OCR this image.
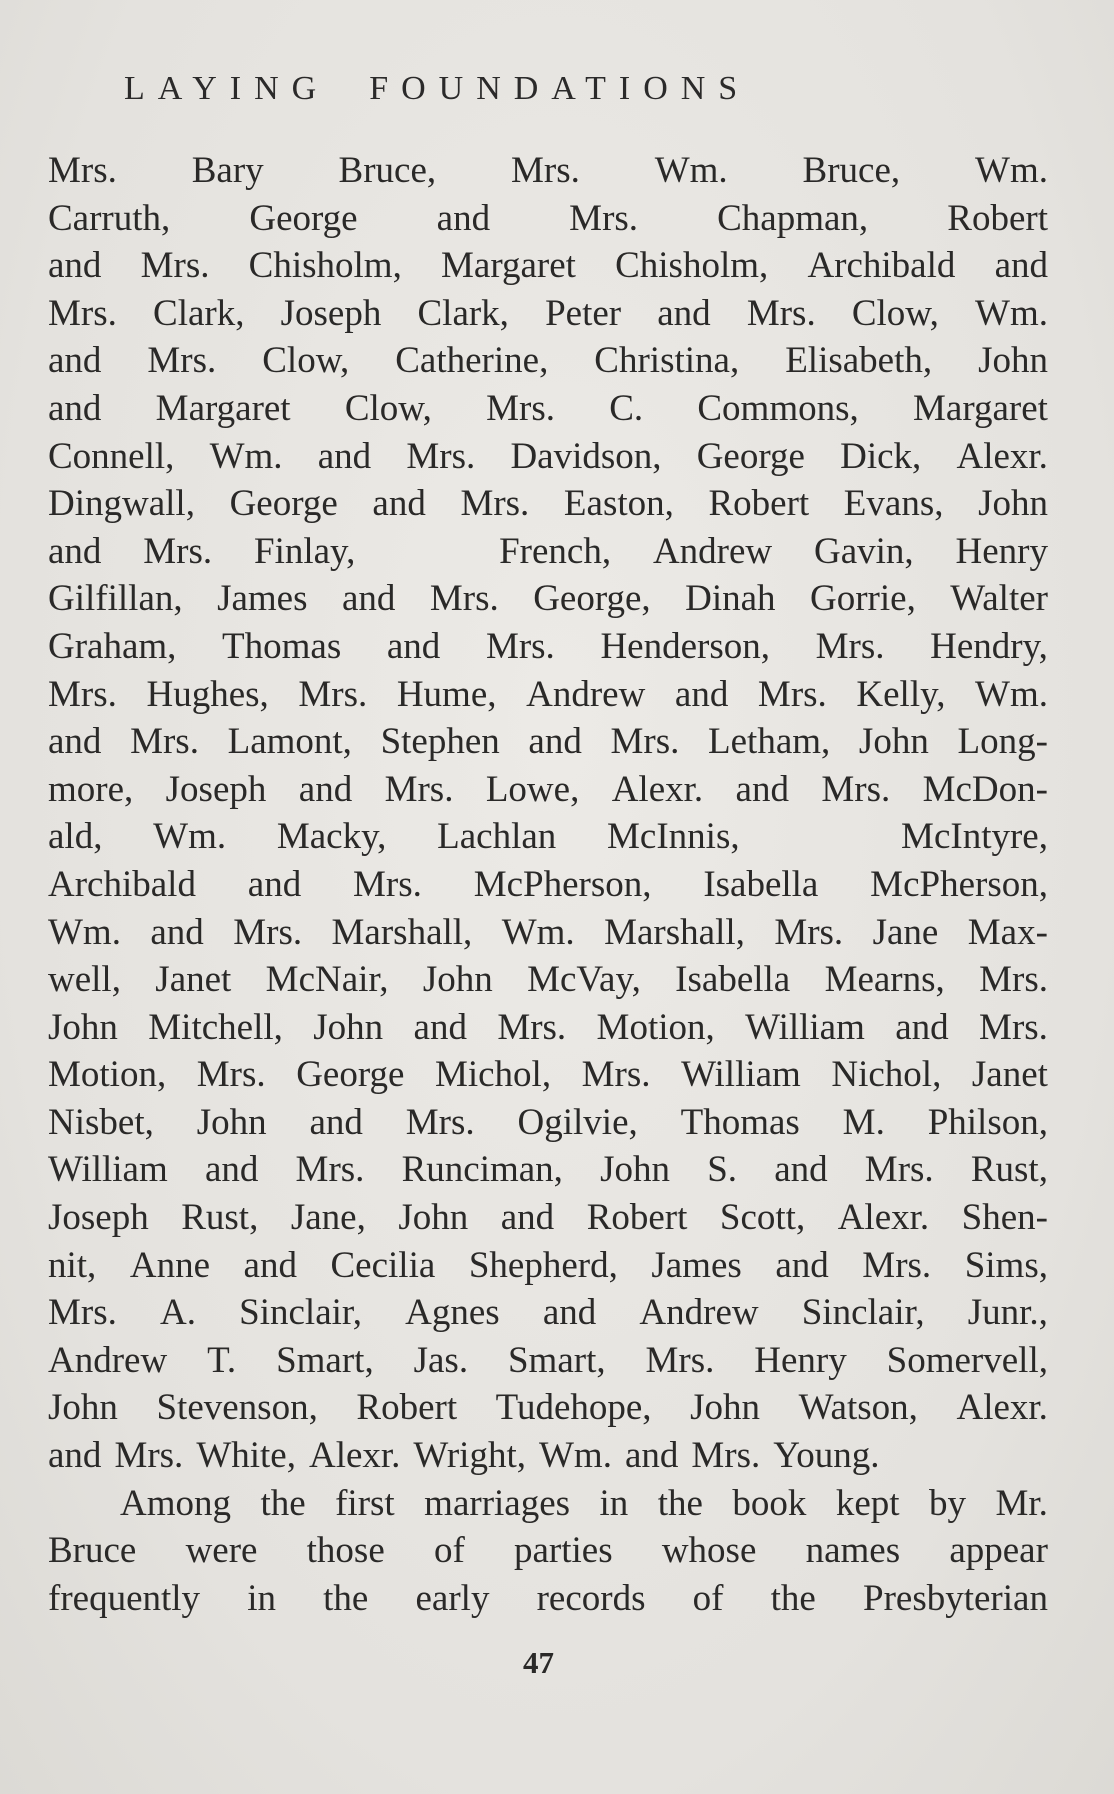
LAYING FOUNDATIONS
Mrs. Bary Bruce, Mrs. Wm. Bruce, Wm.
Carruth, George and Mrs. Chapman, Robert
and Mrs. Chisholm, Margaret Chisholm, Archibald and
Mrs. Clark, Joseph Clark, Peter and Mrs. Clow, Wm.
and Mrs. Clow, Catherine, Christina, Elisabeth, John
and Margaret Clow, Mrs. C. Commons, Margaret
Connell, Wm. and Mrs. Davidson, George Dick, Alexr.
Dingwall, George and Mrs. Easton, Robert Evans, John
and Mrs. Finlay,	French, Andrew Gavin, Henry
Gilfillan, James and Mrs. George, Dinah Gorrie, Walter
Graham, Thomas and Mrs. Henderson, Mrs. Hendry,
Mrs. Hughes, Mrs. Hume, Andrew and Mrs. Kelly, Wm.
and Mrs. Lamont, Stephen and Mrs. Letham, John Long-
more, Joseph and Mrs. Lowe, Alexr. and Mrs. McDon-
ald, Wm. Macky, Lachlan McInnis,	McIntyre,
Archibald and Mrs. McPherson, Isabella McPherson,
Wm. and Mrs. Marshall, Wm. Marshall, Mrs. Jane Max-
well, Janet McNair, John McVay, Isabella Mearns, Mrs.
John Mitchell, John and Mrs. Motion, William and Mrs.
Motion, Mrs. George Michol, Mrs. William Nichol, Janet
Nisbet, John and Mrs. Ogilvie, Thomas M. Philson,
William and Mrs. Runciman, John S. and Mrs. Rust,
Joseph Rust, Jane, John and Robert Scott, Alexr. Shen-
nit, Anne and Cecilia Shepherd, James and Mrs. Sims,
Mrs. A. Sinclair, Agnes and Andrew Sinclair, Junr.,
Andrew T. Smart, Jas. Smart, Mrs. Henry Somervell,
John Stevenson, Robert Tudehope, John Watson, Alexr.
and Mrs. White, Alexr. Wright, Wm. and Mrs. Young.
Among the first marriages in the book kept by Mr.
Bruce were those of parties whose names appear
frequently in the early records of the Presbyterian
47
